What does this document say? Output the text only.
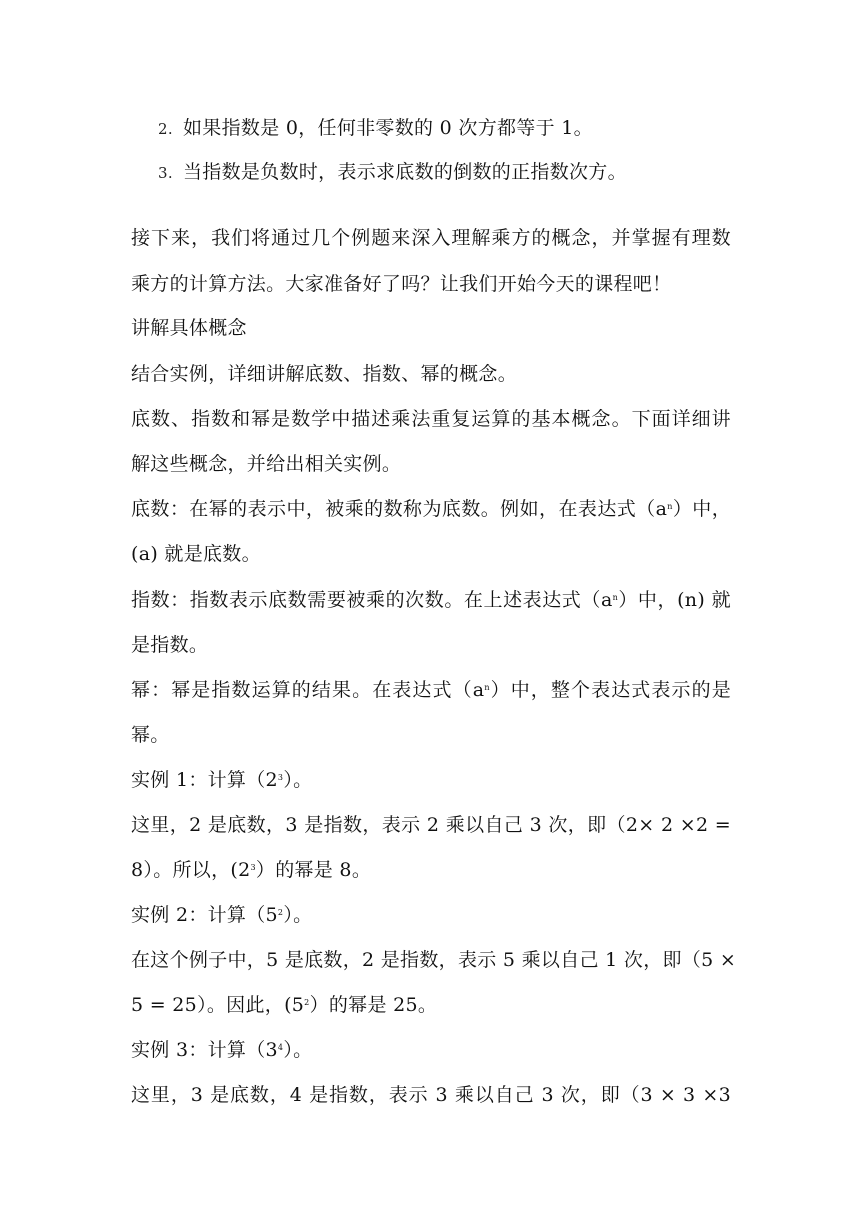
2. 如果指数是 0，任何非零数的 0 次方都等于 1。
3. 当指数是负数时，表示求底数的倒数的正指数次方。
接下来，我们将通过几个例题来深入理解乘方的概念，并掌握有理数
乘方的计算方法。大家准备好了吗？让我们开始今天的课程吧！
讲解具体概念
结合实例，详细讲解底数、指数、幂的概念。
底数、指数和幂是数学中描述乘法重复运算的基本概念。下面详细讲
解这些概念，并给出相关实例。
底数：在幂的表示中，被乘的数称为底数。例如，在表达式$(a^n)$中，
(a) 就是底数。
指数：指数表示底数需要被乘的次数。在上述表达式$(a^n)$中，(n) 就
是指数。
幂：幂是指数运算的结果。在表达式$(a^n)$中，整个表达式表示的是
幂。
实例 1：计算$(2^3)$。
这里，2 是底数，3 是指数，表示 2 乘以自己 3 次，即（2× 2 ×2 =
8）。所以，$(2^3)$的幂是 8。
实例 2：计算$(5^2)$。
在这个例子中，5 是底数，2 是指数，表示 5 乘以自己 1 次，即（5 ×
5 = 25）。因此，$(5^2)$的幂是 25。
实例 3：计算$(3^4)$。
这里，3 是底数，4 是指数，表示 3 乘以自己 3 次，即（3 × 3 ×3
